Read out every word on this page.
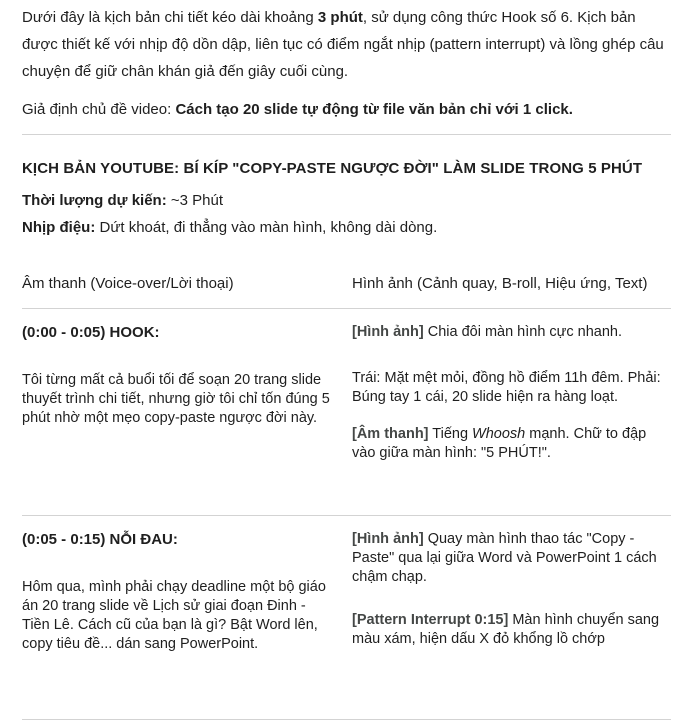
Dưới đây là kịch bản chi tiết kéo dài khoảng 3 phút, sử dụng công thức Hook số 6. Kịch bản được thiết kế với nhịp độ dồn dập, liên tục có điểm ngắt nhịp (pattern interrupt) và lồng ghép câu chuyện để giữ chân khán giả đến giây cuối cùng.

Giả định chủ đề video: Cách tạo 20 slide tự động từ file văn bản chỉ với 1 click.

KỊCH BẢN YOUTUBE: BÍ KÍP "COPY-PASTE NGƯỢC ĐỜI" LÀM SLIDE TRONG 5 PHÚT

Thời lượng dự kiến: ~3 Phút

Nhịp điệu: Dứt khoát, đi thẳng vào màn hình, không dài dòng.

Âm thanh (Voice-over/Lời thoại)	Hình ảnh (Cảnh quay, B-roll, Hiệu ứng, Text)

(0:00 - 0:05) HOOK:
Tôi từng mất cả buổi tối để soạn 20 trang slide thuyết trình chi tiết, nhưng giờ tôi chỉ tốn đúng 5 phút nhờ một mẹo copy-paste ngược đời này.	[Hình ảnh] Chia đôi màn hình cực nhanh.
Trái: Mặt mệt mỏi, đồng hồ điểm 11h đêm. Phải: Búng tay 1 cái, 20 slide hiện ra hàng loạt.
[Âm thanh] Tiếng Whoosh mạnh. Chữ to đập vào giữa màn hình: "5 PHÚT!".

(0:05 - 0:15) NỖI ĐAU:
Hôm qua, mình phải chạy deadline một bộ giáo án 20 trang slide về Lịch sử giai đoạn Đinh - Tiền Lê. Cách cũ của bạn là gì? Bật Word lên, copy tiêu đề... dán sang PowerPoint.	[Hình ảnh] Quay màn hình thao tác "Copy - Paste" qua lại giữa Word và PowerPoint 1 cách chậm chạp.
[Pattern Interrupt 0:15] Màn hình chuyển sang màu xám, hiện dấu X đỏ khổng lồ chớp
